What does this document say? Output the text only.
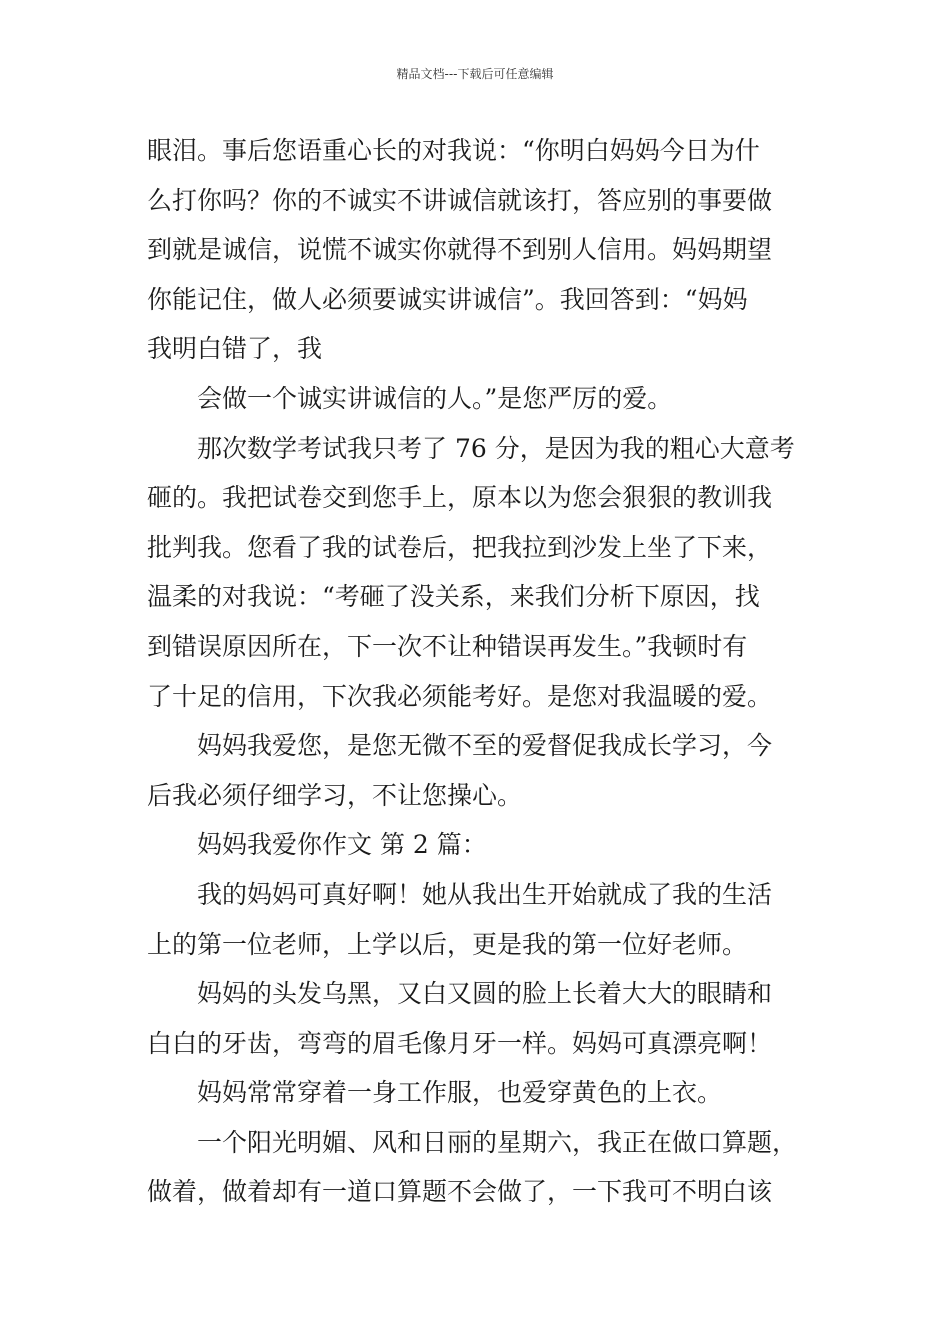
精品文档---下载后可任意编辑
眼泪。事后您语重心长的对我说：“你明白妈妈今日为什
么打你吗？你的不诚实不讲诚信就该打，答应别的事要做
到就是诚信，说慌不诚实你就得不到别人信用。妈妈期望
你能记住，做人必须要诚实讲诚信”。我回答到：“妈妈
我明白错了，我
会做一个诚实讲诚信的人。”是您严厉的爱。
那次数学考试我只考了 76 分，是因为我的粗心大意考
砸的。我把试卷交到您手上，原本以为您会狠狠的教训我
批判我。您看了我的试卷后，把我拉到沙发上坐了下来，
温柔的对我说：“考砸了没关系，来我们分析下原因，找
到错误原因所在，下一次不让种错误再发生。”我顿时有
了十足的信用，下次我必须能考好。是您对我温暖的爱。
妈妈我爱您，是您无微不至的爱督促我成长学习，今
后我必须仔细学习，不让您操心。
妈妈我爱你作文 第 2 篇：
我的妈妈可真好啊！她从我出生开始就成了我的生活
上的第一位老师，上学以后，更是我的第一位好老师。
妈妈的头发乌黑，又白又圆的脸上长着大大的眼睛和
白白的牙齿，弯弯的眉毛像月牙一样。妈妈可真漂亮啊！
妈妈常常穿着一身工作服，也爱穿黄色的上衣。
一个阳光明媚、风和日丽的星期六，我正在做口算题，
做着，做着却有一道口算题不会做了，一下我可不明白该
